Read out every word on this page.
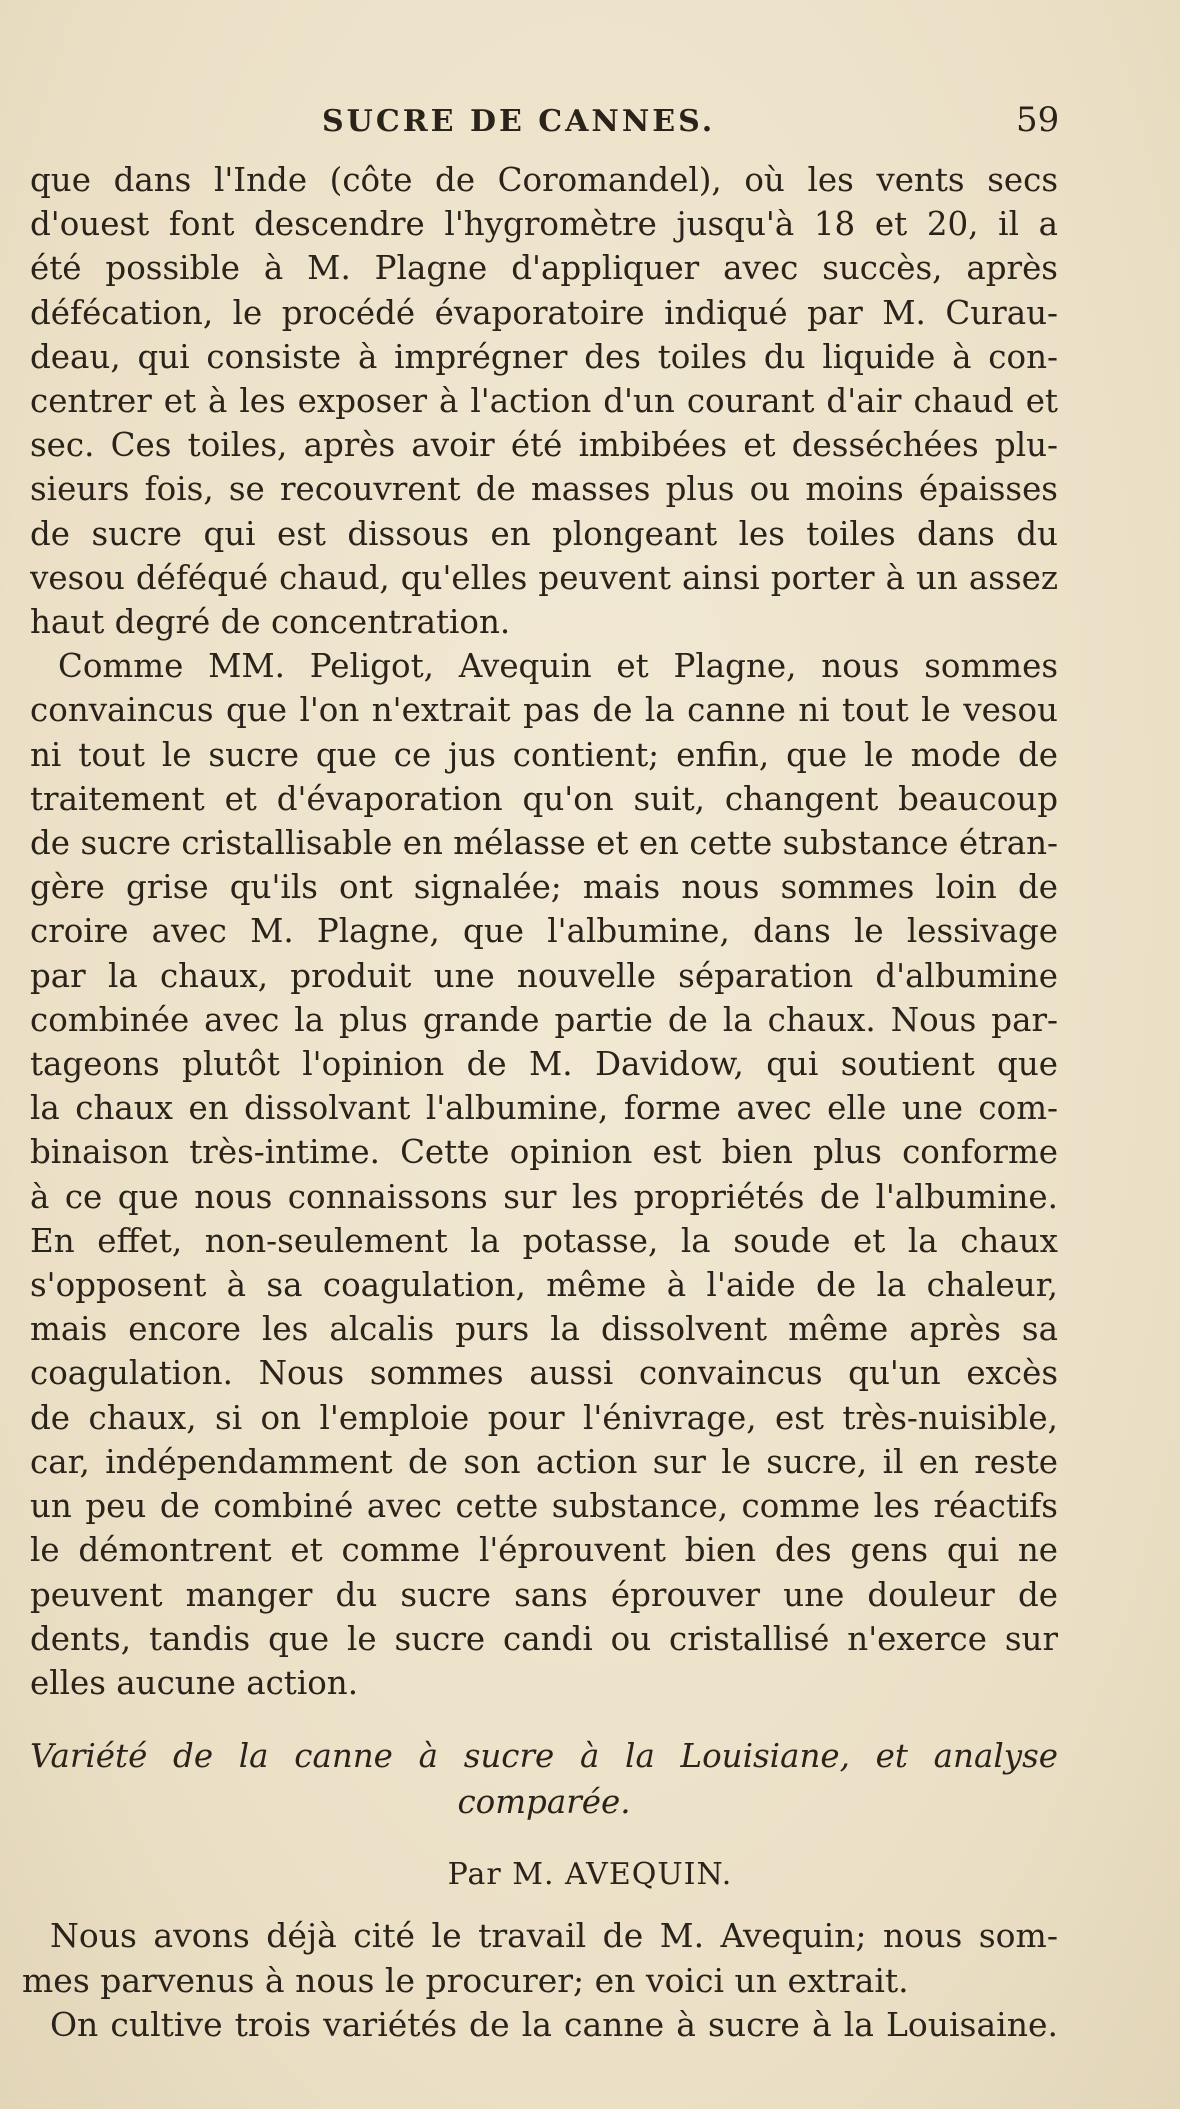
SUCRE DE CANNES.	59
que dans l'Inde (côte de Coromandel), où les vents secs
d'ouest font descendre l'hygromètre jusqu'à 18 et 20, il a
été possible à M. Plagne d'appliquer avec succès, après
défécation, le procédé évaporatoire indiqué par M. Curau-
deau, qui consiste à imprégner des toiles du liquide à con-
centrer et à les exposer à l'action d'un courant d'air chaud et
sec. Ces toiles, après avoir été imbibées et desséchées plu-
sieurs fois, se recouvrent de masses plus ou moins épaisses
de sucre qui est dissous en plongeant les toiles dans du
vesou déféqué chaud, qu'elles peuvent ainsi porter à un assez
haut degré de concentration.
Comme MM. Peligot, Avequin et Plagne, nous sommes
convaincus que l'on n'extrait pas de la canne ni tout le vesou
ni tout le sucre que ce jus contient; enfin, que le mode de
traitement et d'évaporation qu'on suit, changent beaucoup
de sucre cristallisable en mélasse et en cette substance étran-
gère grise qu'ils ont signalée; mais nous sommes loin de
croire avec M. Plagne, que l'albumine, dans le lessivage
par la chaux, produit une nouvelle séparation d'albumine
combinée avec la plus grande partie de la chaux. Nous par-
tageons plutôt l'opinion de M. Davidow, qui soutient que
la chaux en dissolvant l'albumine, forme avec elle une com-
binaison très-intime. Cette opinion est bien plus conforme
à ce que nous connaissons sur les propriétés de l'albumine.
En effet, non-seulement la potasse, la soude et la chaux
s'opposent à sa coagulation, même à l'aide de la chaleur,
mais encore les alcalis purs la dissolvent même après sa
coagulation. Nous sommes aussi convaincus qu'un excès
de chaux, si on l'emploie pour l'énivrage, est très-nuisible,
car, indépendamment de son action sur le sucre, il en reste
un peu de combiné avec cette substance, comme les réactifs
le démontrent et comme l'éprouvent bien des gens qui ne
peuvent manger du sucre sans éprouver une douleur de
dents, tandis que le sucre candi ou cristallisé n'exerce sur
elles aucune action.
Variété de la canne à sucre à la Louisiane, et analyse
comparée.
Par M. AVEQUIN.
Nous avons déjà cité le travail de M. Avequin; nous som-
mes parvenus à nous le procurer; en voici un extrait.
On cultive trois variétés de la canne à sucre à la Louisaine.
